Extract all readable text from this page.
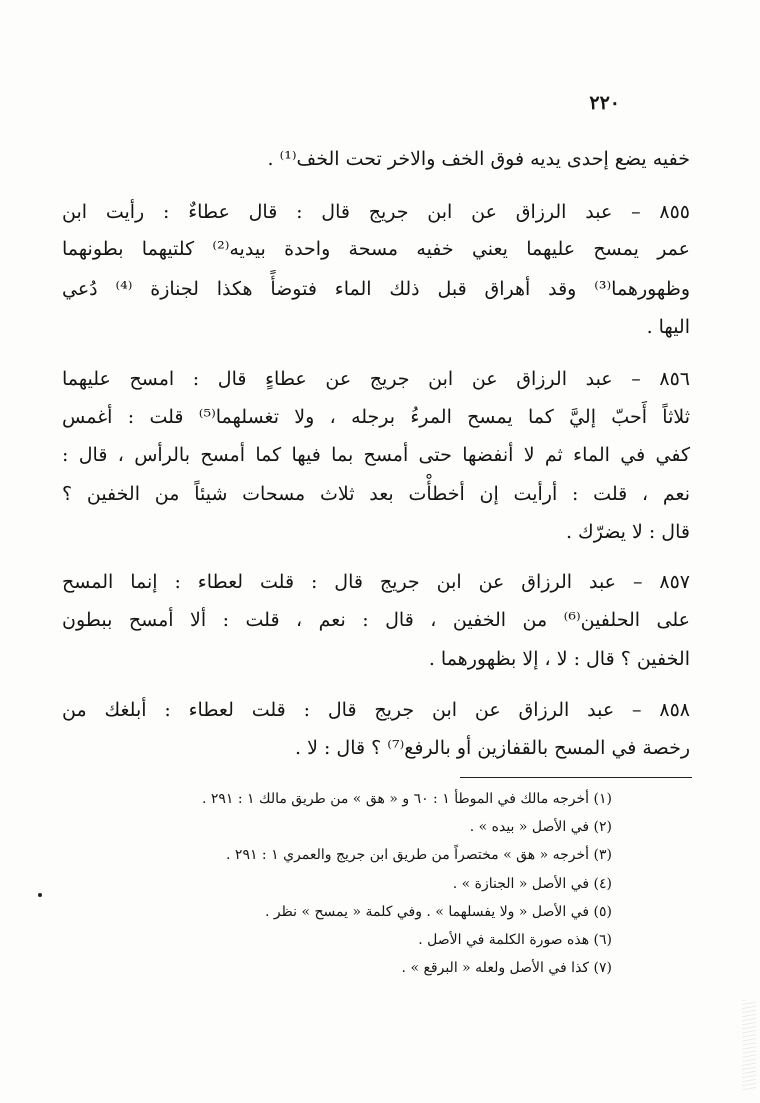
٢٢٠
خفيه يضع إحدى يديه فوق الخف والاخر تحت الخف⁽¹⁾ .
٨٥٥ – عبد الرزاق عن ابن جريج قال : قال عطاءٌ : رأيت ابن
عمر يمسح عليهما يعني خفيه مسحة واحدة بيديه⁽²⁾ كلتيهما بطونهما
وظهورهما⁽³⁾ وقد أهراق قبل ذلك الماء فتوضأً هكذا لجنازة ⁽⁴⁾ دُعي
اليها .
٨٥٦ – عبد الرزاق عن ابن جريج عن عطاءٍ قال : امسح عليهما
ثلاثاً أَحبّ إليَّ كما يمسح المرءُ برجله ، ولا تغسلهما⁽⁵⁾ قلت : أغمس
كفي في الماء ثم لا أنفضها حتى أمسح بما فيها كما أمسح بالرأس ، قال :
نعم ، قلت : أرأيت إن أخطأْت بعد ثلاث مسحات شيئاً من الخفين ؟
قال : لا يضرّك .
٨٥٧ – عبد الرزاق عن ابن جريج قال : قلت لعطاء : إنما المسح
على الحلفين⁽⁶⁾ من الخفين ، قال : نعم ، قلت : ألا أمسح ببطون
الخفين ؟ قال : لا ، إلا بظهورهما .
٨٥٨ – عبد الرزاق عن ابن جريج قال : قلت لعطاء : أبلغك من
رخصة في المسح بالقفازين أو بالرفع⁽⁷⁾ ؟ قال : لا .
(١) أخرجه مالك في الموطأ ١ : ٦٠ و « هق » من طريق مالك ١ : ٢٩١ .
(٢) في الأصل « بيده » .
(٣) أخرجه « هق » مختصراً من طريق ابن جريج والعمري ١ : ٢٩١ .
(٤) في الأصل « الجنازة » .
(٥) في الأصل « ولا يفسلهما » . وفي كلمة « يمسح » نظر .
(٦) هذه صورة الكلمة في الأصل .
(٧) كذا في الأصل ولعله « البرقع » .
